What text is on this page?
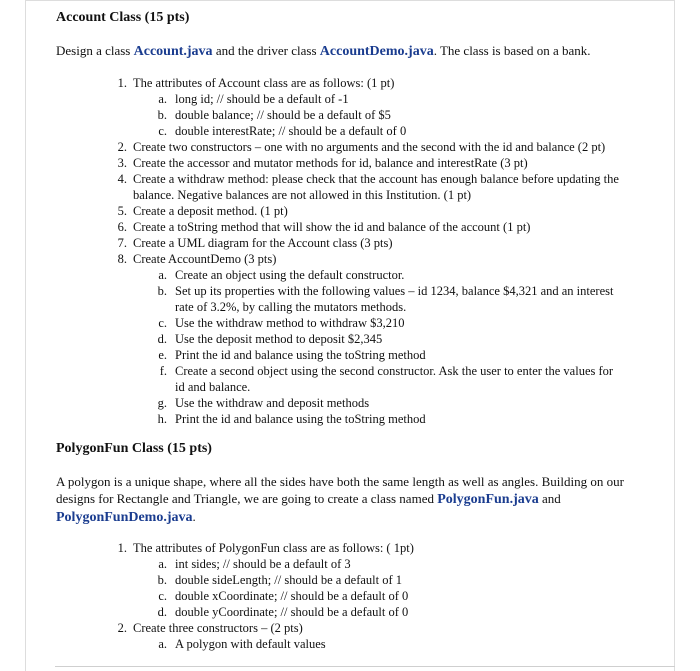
Account Class (15 pts)
Design a class Account.java and the driver class AccountDemo.java. The class is based on a bank.
1. The attributes of Account class are as follows: (1 pt)
a. long id; // should be a default of -1
b. double balance; // should be a default of $5
c. double interestRate; // should be a default of 0
2. Create two constructors – one with no arguments and the second with the id and balance (2 pt)
3. Create the accessor and mutator methods for id, balance and interestRate (3 pt)
4. Create a withdraw method: please check that the account has enough balance before updating the
balance. Negative balances are not allowed in this Institution. (1 pt)
5. Create a deposit method. (1 pt)
6. Create a toString method that will show the id and balance of the account (1 pt)
7. Create a UML diagram for the Account class (3 pts)
8. Create AccountDemo (3 pts)
a. Create an object using the default constructor.
b. Set up its properties with the following values – id 1234, balance $4,321 and an interest
rate of 3.2%, by calling the mutators methods.
c. Use the withdraw method to withdraw $3,210
d. Use the deposit method to deposit $2,345
e. Print the id and balance using the toString method
f. Create a second object using the second constructor. Ask the user to enter the values for
id and balance.
g. Use the withdraw and deposit methods
h. Print the id and balance using the toString method
PolygonFun Class (15 pts)
A polygon is a unique shape, where all the sides have both the same length as well as angles. Building on our
designs for Rectangle and Triangle, we are going to create a class named PolygonFun.java and
PolygonFunDemo.java.
1. The attributes of PolygonFun class are as follows: ( 1pt)
a. int sides; // should be a default of 3
b. double sideLength; // should be a default of 1
c. double xCoordinate; // should be a default of 0
d. double yCoordinate; // should be a default of 0
2. Create three constructors – (2 pts)
a. A polygon with default values
